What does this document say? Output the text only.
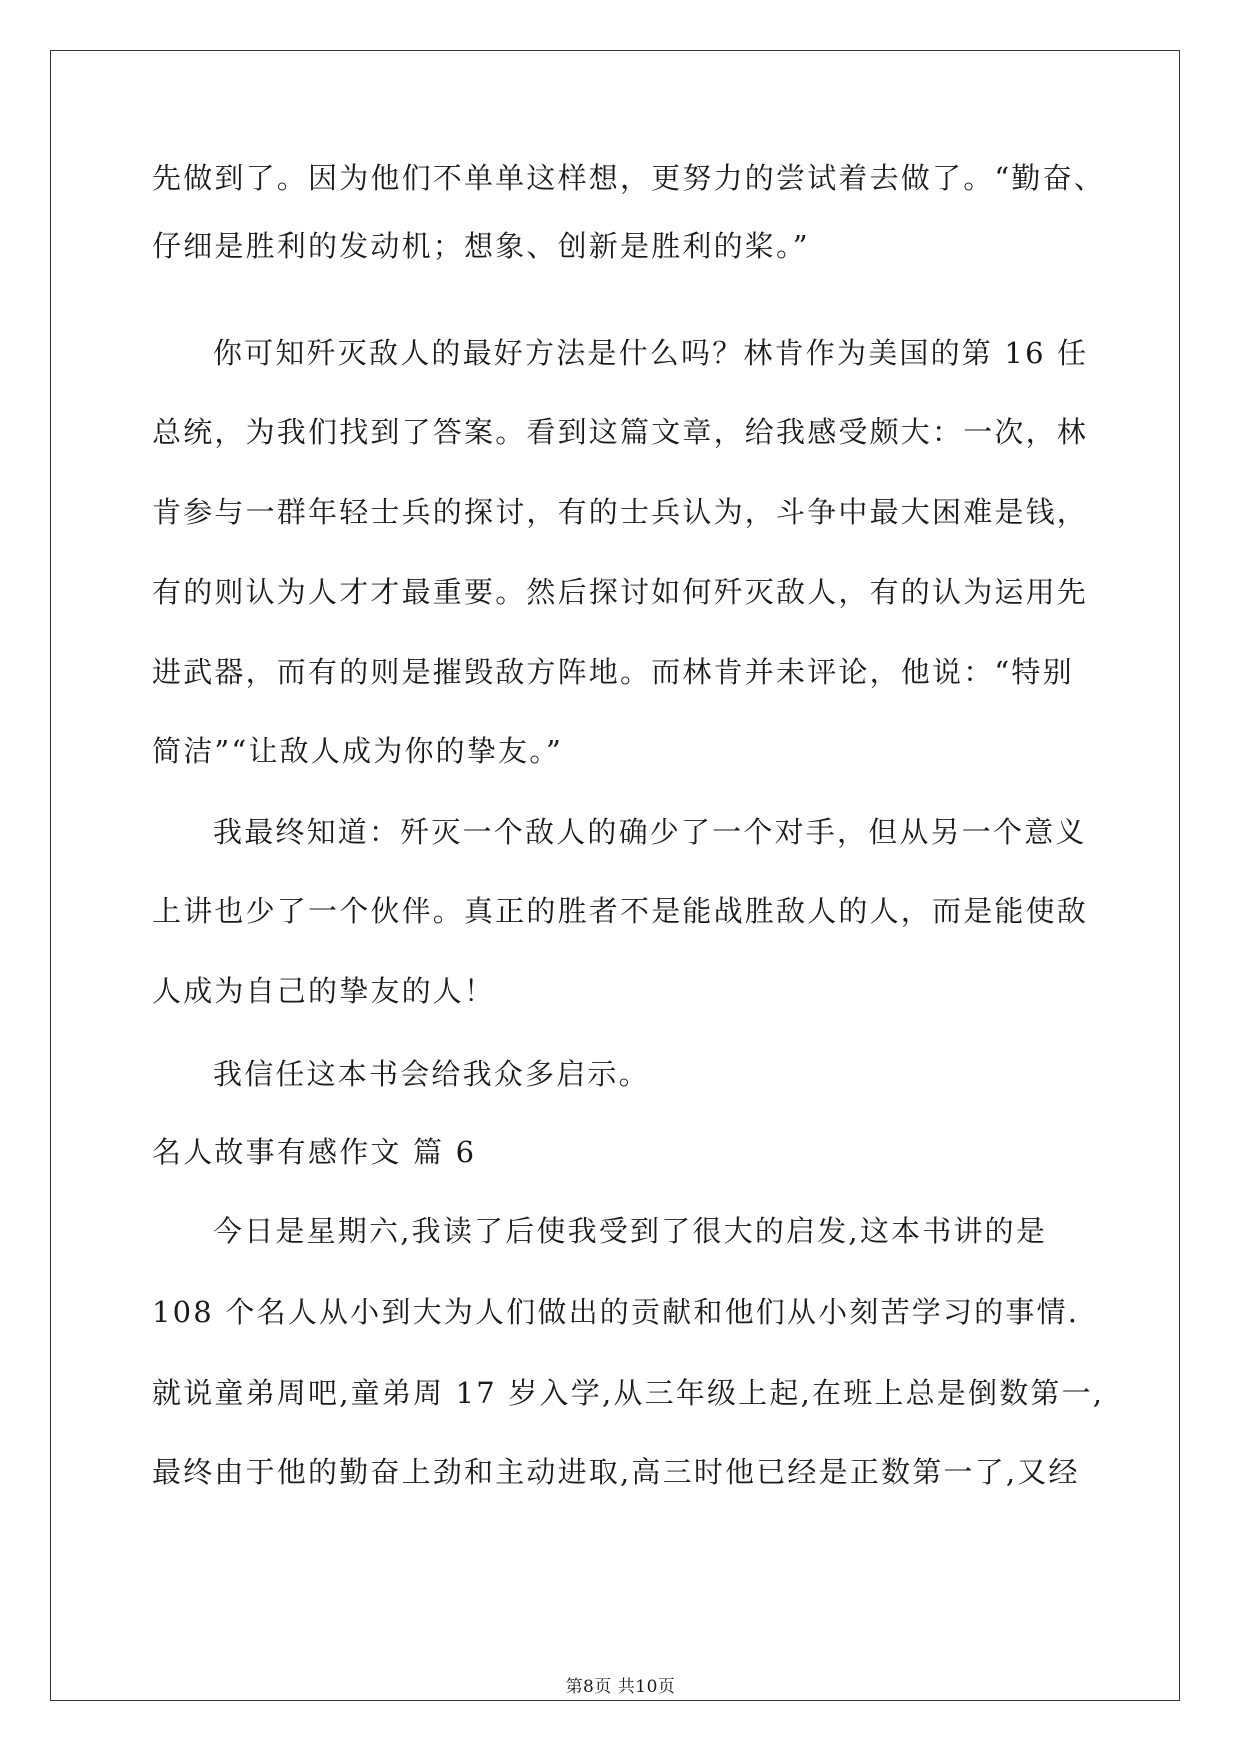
先做到了。因为他们不单单这样想，更努力的尝试着去做了。“勤奋、
仔细是胜利的发动机；想象、创新是胜利的桨。”
你可知歼灭敌人的最好方法是什么吗？林肯作为美国的第 16 任
总统，为我们找到了答案。看到这篇文章，给我感受颇大：一次，林
肯参与一群年轻士兵的探讨，有的士兵认为，斗争中最大困难是钱，
有的则认为人才才最重要。然后探讨如何歼灭敌人，有的认为运用先
进武器，而有的则是摧毁敌方阵地。而林肯并未评论，他说：“特别
简洁”“让敌人成为你的挚友。”
我最终知道：歼灭一个敌人的确少了一个对手，但从另一个意义
上讲也少了一个伙伴。真正的胜者不是能战胜敌人的人，而是能使敌
人成为自己的挚友的人！
我信任这本书会给我众多启示。
名人故事有感作文 篇 6
今日是星期六,我读了后使我受到了很大的启发,这本书讲的是
108 个名人从小到大为人们做出的贡献和他们从小刻苦学习的事情.
就说童弟周吧,童弟周 17 岁入学,从三年级上起,在班上总是倒数第一,
最终由于他的勤奋上劲和主动进取,高三时他已经是正数第一了,又经
第8页 共10页
